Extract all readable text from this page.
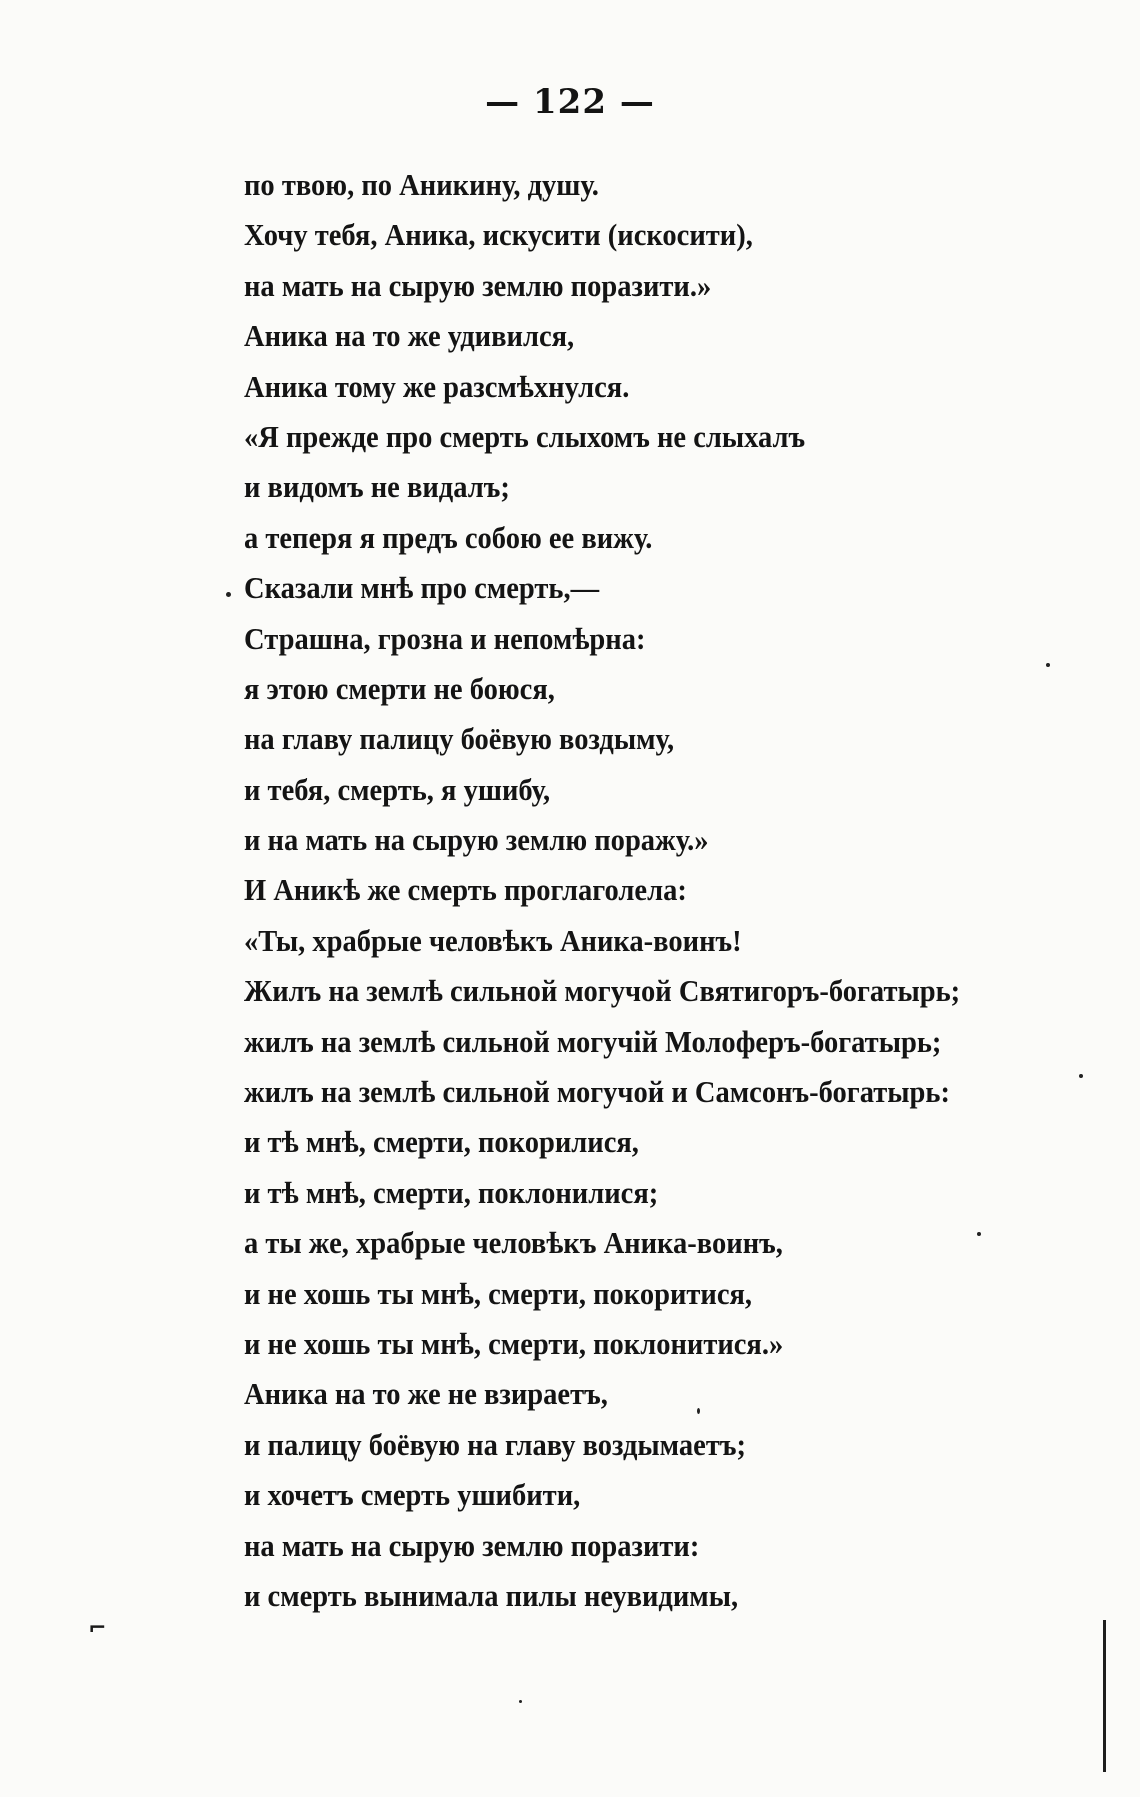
— 122 —
по твою, по Аникину, душу.
Хочу тебя, Аника, искусити (искосити),
на мать на сырую землю поразити.»
Аника на то же удивился,
Аника тому же разсмѣхнулся.
«Я прежде про смерть слыхомъ не слыхалъ
и видомъ не видалъ;
а теперя я предъ собою ее вижу.
Сказали мнѣ про смерть,—
Страшна, грозна и непомѣрна:
я этою смерти не боюся,
на главу палицу боёвую воздыму,
и тебя, смерть, я ушибу,
и на мать на сырую землю поражу.»
И Аникѣ же смерть проглаголела:
«Ты, храбрые человѣкъ Аника-воинъ!
Жилъ на землѣ сильной могучой Святигоръ-богатырь;
жилъ на землѣ сильной могучій Молоферъ-богатырь;
жилъ на землѣ сильной могучой и Самсонъ-богатырь:
и тѣ мнѣ, смерти, покорилися,
и тѣ мнѣ, смерти, поклонилися;
а ты же, храбрые человѣкъ Аника-воинъ,
и не хошь ты мнѣ, смерти, покоритися,
и не хошь ты мнѣ, смерти, поклонитися.»
Аника на то же не взираетъ,
и палицу боёвую на главу воздымаетъ;
и хочетъ смерть ушибити,
на мать на сырую землю поразити:
и смерть вынимала пилы неувидимы,
⌐
